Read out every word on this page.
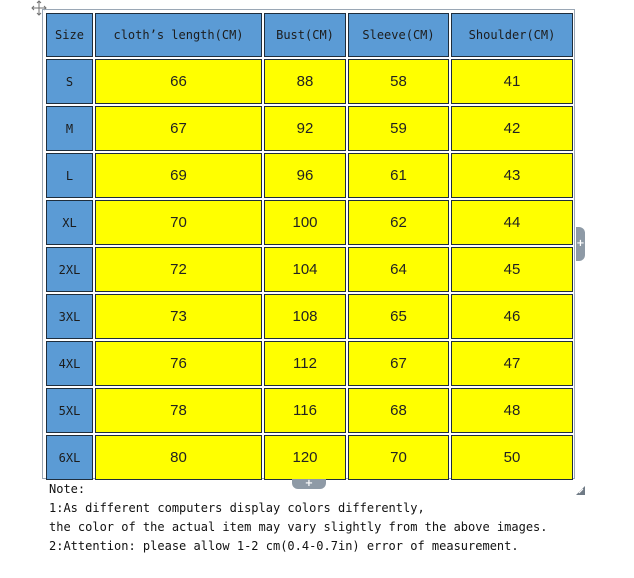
Size	cloth’s length(CM)	Bust(CM)	Sleeve(CM)	Shoulder(CM)
S	66	88	58	41
M	67	92	59	42
L	69	96	61	43
XL	70	100	62	44
2XL	72	104	64	45
3XL	73	108	65	46
4XL	76	112	67	47
5XL	78	116	68	48
6XL	80	120	70	50
+
+
Note:
1:As different computers display colors differently,
the color of the actual item may vary slightly from the above images.
2:Attention: please allow 1-2 cm(0.4-0.7in) error of measurement.
